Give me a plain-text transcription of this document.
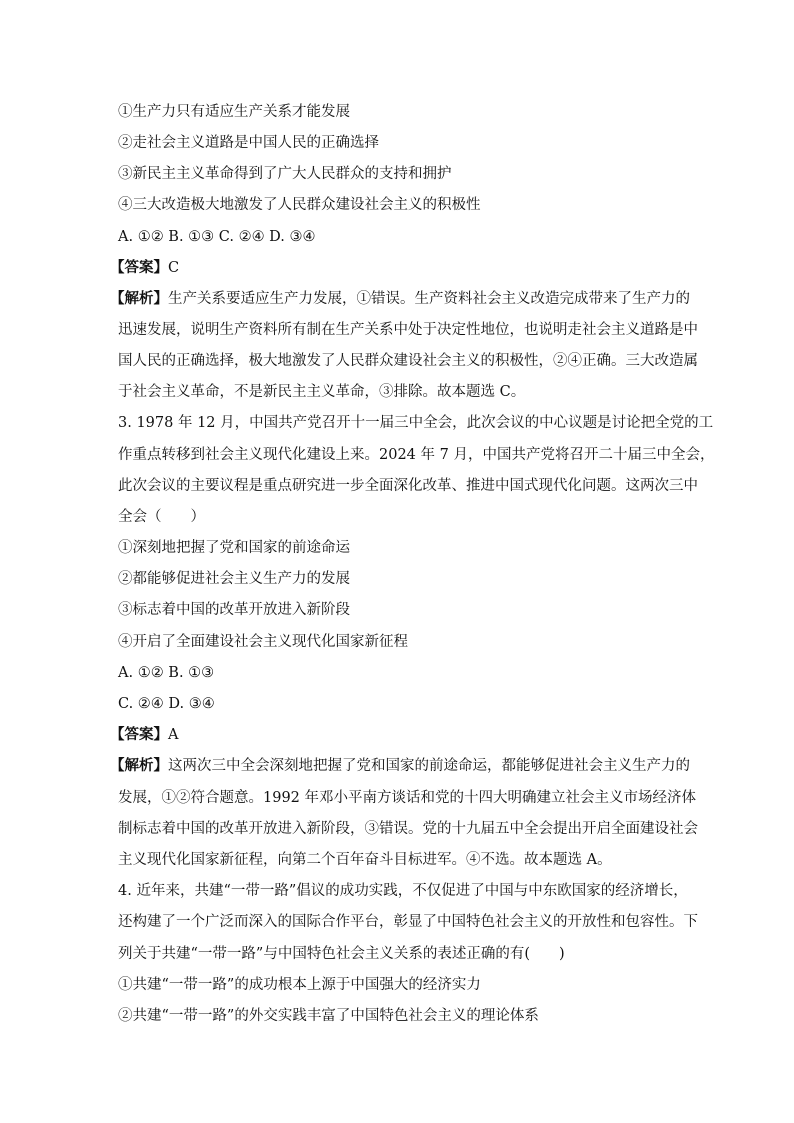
①生产力只有适应生产关系才能发展
②走社会主义道路是中国人民的正确选择
③新民主主义革命得到了广大人民群众的支持和拥护
④三大改造极大地激发了人民群众建设社会主义的积极性
A. ①② B. ①③ C. ②④ D. ③④
【答案】C
【解析】生产关系要适应生产力发展，①错误。生产资料社会主义改造完成带来了生产力的
迅速发展，说明生产资料所有制在生产关系中处于决定性地位，也说明走社会主义道路是中
国人民的正确选择，极大地激发了人民群众建设社会主义的积极性，②④正确。三大改造属
于社会主义革命，不是新民主主义革命，③排除。故本题选 C。
3. 1978 年 12 月，中国共产党召开十一届三中全会，此次会议的中心议题是讨论把全党的工
作重点转移到社会主义现代化建设上来。2024 年 7 月，中国共产党将召开二十届三中全会，
此次会议的主要议程是重点研究进一步全面深化改革、推进中国式现代化问题。这两次三中
全会（　　）
①深刻地把握了党和国家的前途命运
②都能够促进社会主义生产力的发展
③标志着中国的改革开放进入新阶段
④开启了全面建设社会主义现代化国家新征程
A. ①② B. ①③
C. ②④ D. ③④
【答案】A
【解析】这两次三中全会深刻地把握了党和国家的前途命运，都能够促进社会主义生产力的
发展，①②符合题意。1992 年邓小平南方谈话和党的十四大明确建立社会主义市场经济体
制标志着中国的改革开放进入新阶段，③错误。党的十九届五中全会提出开启全面建设社会
主义现代化国家新征程，向第二个百年奋斗目标进军。④不选。故本题选 A。
4. 近年来，共建“一带一路”倡议的成功实践，不仅促进了中国与中东欧国家的经济增长，
还构建了一个广泛而深入的国际合作平台，彰显了中国特色社会主义的开放性和包容性。下
列关于共建“一带一路”与中国特色社会主义关系的表述正确的有(　　)
①共建“一带一路”的成功根本上源于中国强大的经济实力
②共建“一带一路”的外交实践丰富了中国特色社会主义的理论体系
